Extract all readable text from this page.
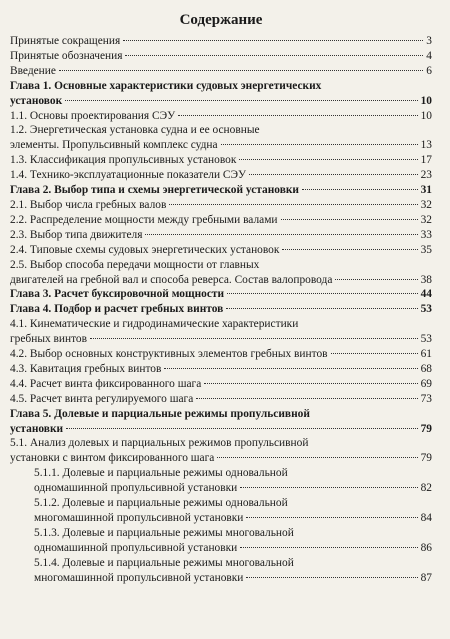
Содержание
Принятые сокращения	3
Принятые обозначения	4
Введение	6
Глава 1. Основные характеристики судовых энергетических
установок	10
1.1. Основы проектирования СЭУ	10
1.2. Энергетическая установка судна и ее основные
элементы. Пропульсивный комплекс судна	13
1.3. Классификация пропульсивных установок	17
1.4. Технико-эксплуатационные показатели СЭУ	23
Глава 2. Выбор типа и схемы энергетической установки	31
2.1. Выбор числа гребных валов	32
2.2. Распределение мощности между гребными валами	32
2.3. Выбор типа движителя	33
2.4. Типовые схемы судовых энергетических установок	35
2.5. Выбор способа передачи мощности от главных
двигателей на гребной вал и способа реверса. Состав валопровода	38
Глава 3. Расчет буксировочной мощности	44
Глава 4. Подбор и расчет гребных винтов	53
4.1. Кинематические и гидродинамические характеристики
гребных винтов	53
4.2. Выбор основных конструктивных элементов гребных винтов	61
4.3. Кавитация гребных винтов	68
4.4. Расчет винта фиксированного шага	69
4.5. Расчет винта регулируемого шага	73
Глава 5. Долевые и парциальные режимы пропульсивной
установки	79
5.1. Анализ долевых и парциальных режимов пропульсивной
установки с винтом фиксированного шага	79
5.1.1. Долевые и парциальные режимы одновальной
одномашинной пропульсивной установки	82
5.1.2. Долевые и парциальные режимы одновальной
многомашинной пропульсивной установки	84
5.1.3. Долевые и парциальные режимы многовальной
одномашинной пропульсивной установки	86
5.1.4. Долевые и парциальные режимы многовальной
многомашинной пропульсивной установки	87
